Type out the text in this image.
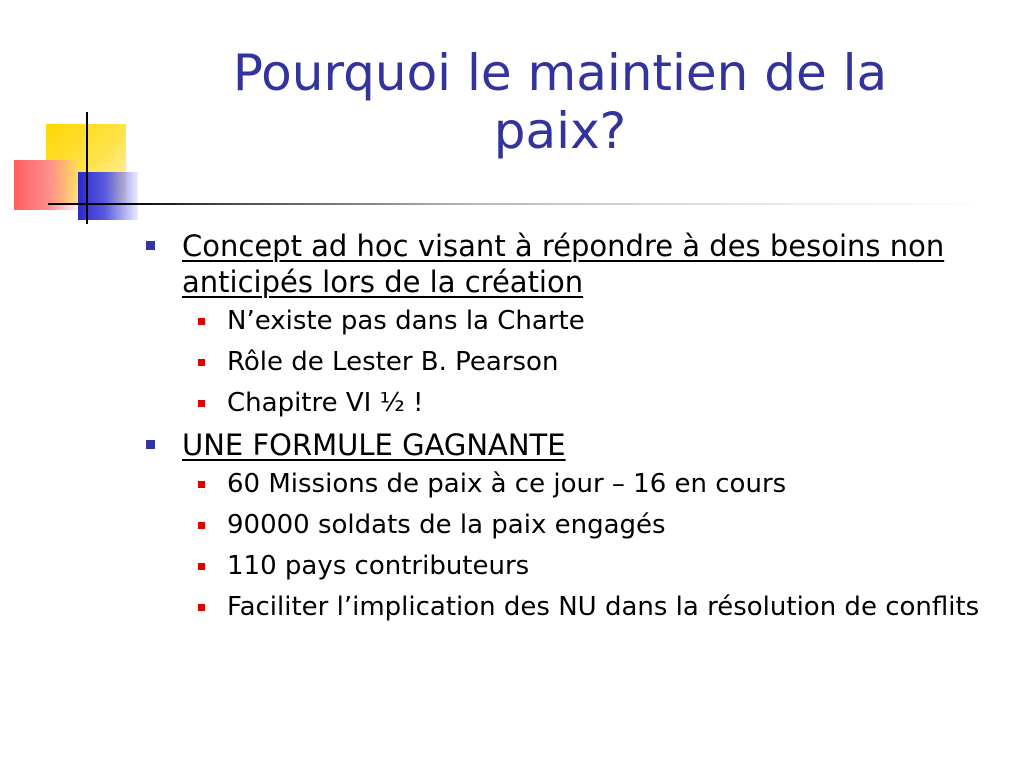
Pourquoi le maintien de la paix?
Concept ad hoc visant à répondre à des besoins non anticipés lors de la création
N’existe pas dans la Charte
Rôle de Lester B. Pearson
Chapitre VI ½ !
UNE FORMULE GAGNANTE
60 Missions de paix à ce jour – 16 en cours
90000 soldats de la paix engagés
110 pays contributeurs
Faciliter l’implication des NU dans la résolution de conflits
